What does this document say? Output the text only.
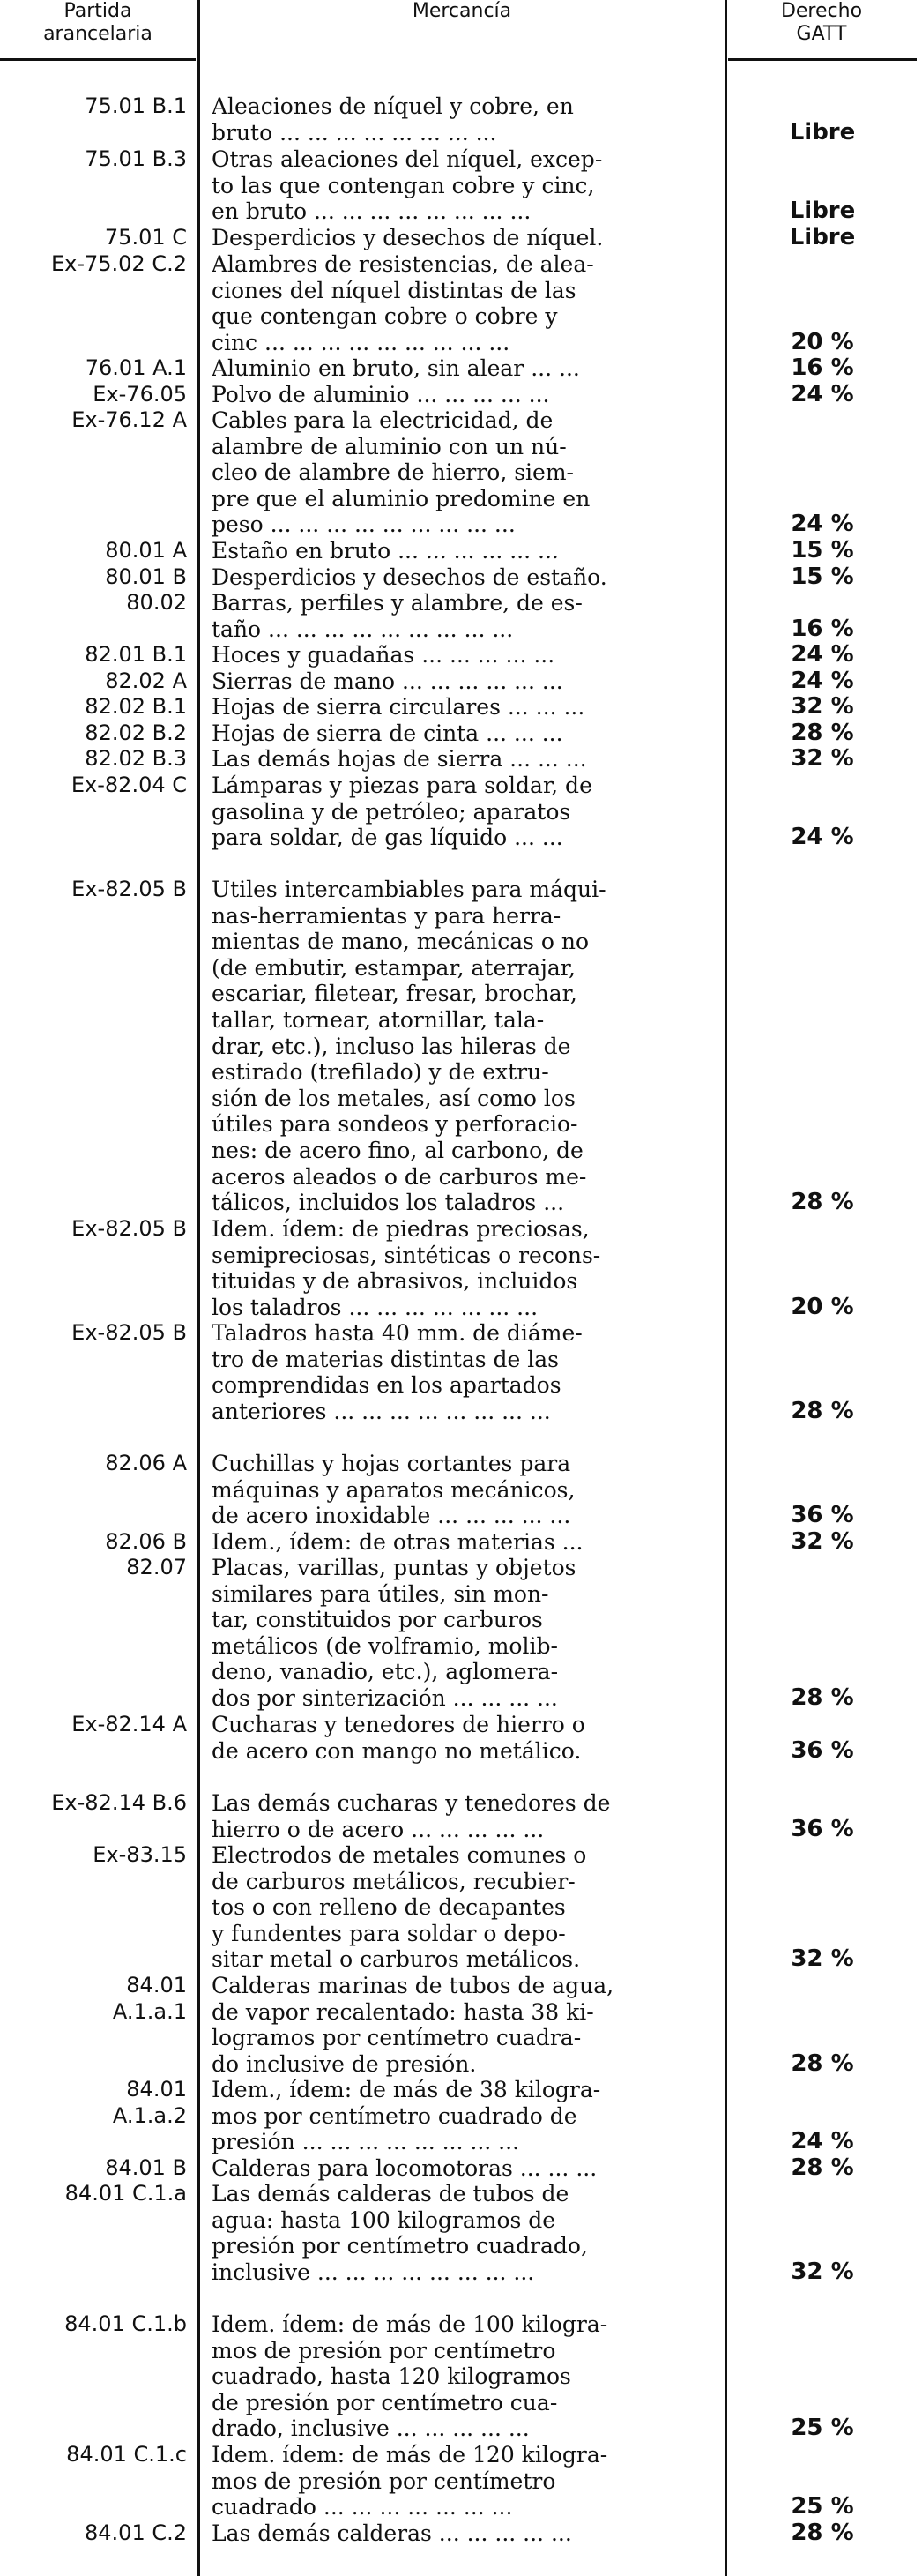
Partida
arancelaria
Mercancía	Derecho
GATT
75.01 B.1 Aleaciones de níquel y cobre, en
bruto ... ... ... ... ... ... ... ...	Libre
75.01 B.3 Otras aleaciones del níquel, excep-
to las que contengan cobre y cinc,
en bruto ... ... ... ... ... ... ... ...	Libre
75.01 C Desperdicios y desechos de níquel.	Libre
Ex-75.02 C.2 Alambres de resistencias, de alea-
ciones del níquel distintas de las
que contengan cobre o cobre y
cinc ... ... ... ... ... ... ... ... ...	20 %
76.01 A.1 Aluminio en bruto, sin alear ... ...	16 %
Ex-76.05 Polvo de aluminio ... ... ... ... ...	24 %
Ex-76.12 A Cables para la electricidad, de
alambre de aluminio con un nú-
cleo de alambre de hierro, siem-
pre que el aluminio predomine en
peso ... ... ... ... ... ... ... ... ...	24 %
80.01 A Estaño en bruto ... ... ... ... ... ...	15 %
80.01 B Desperdicios y desechos de estaño.	15 %
80.02 Barras, perfiles y alambre, de es-
taño ... ... ... ... ... ... ... ... ...	16 %
82.01 B.1 Hoces y guadañas ... ... ... ... ...	24 %
82.02 A Sierras de mano ... ... ... ... ... ...	24 %
82.02 B.1 Hojas de sierra circulares ... ... ...	32 %
82.02 B.2 Hojas de sierra de cinta ... ... ...	28 %
82.02 B.3 Las demás hojas de sierra ... ... ...	32 %
Ex-82.04 C Lámparas y piezas para soldar, de
gasolina y de petróleo; aparatos
para soldar, de gas líquido ... ...	24 %
Ex-82.05 B Utiles intercambiables para máqui-
nas-herramientas y para herra-
mientas de mano, mecánicas o no
(de embutir, estampar, aterrajar,
escariar, filetear, fresar, brochar,
tallar, tornear, atornillar, tala-
drar, etc.), incluso las hileras de
estirado (trefilado) y de extru-
sión de los metales, así como los
útiles para sondeos y perforacio-
nes: de acero fino, al carbono, de
aceros aleados o de carburos me-
tálicos, incluidos los taladros ...	28 %
Ex-82.05 B Idem. ídem: de piedras preciosas,
semipreciosas, sintéticas o recons-
tituidas y de abrasivos, incluidos
los taladros ... ... ... ... ... ... ...	20 %
Ex-82.05 B Taladros hasta 40 mm. de diáme-
tro de materias distintas de las
comprendidas en los apartados
anteriores ... ... ... ... ... ... ... ...	28 %
82.06 A Cuchillas y hojas cortantes para
máquinas y aparatos mecánicos,
de acero inoxidable ... ... ... ... ...	36 %
82.06 B Idem., ídem: de otras materias ...	32 %
82.07 Placas, varillas, puntas y objetos
similares para útiles, sin mon-
tar, constituidos por carburos
metálicos (de volframio, molib-
deno, vanadio, etc.), aglomera-
dos por sinterización ... ... ... ...	28 %
Ex-82.14 A Cucharas y tenedores de hierro o
de acero con mango no metálico.	36 %
Ex-82.14 B.6 Las demás cucharas y tenedores de
hierro o de acero ... ... ... ... ...	36 %
Ex-83.15 Electrodos de metales comunes o
de carburos metálicos, recubier-
tos o con relleno de decapantes
y fundentes para soldar o depo-
sitar metal o carburos metálicos.	32 %
84.01
A.1.a.1
Calderas marinas de tubos de agua,
de vapor recalentado: hasta 38 ki-
logramos por centímetro cuadra-
do inclusive de presión.	28 %
84.01
A.1.a.2
Idem., ídem: de más de 38 kilogra-
mos por centímetro cuadrado de
presión ... ... ... ... ... ... ... ...	24 %
84.01 B Calderas para locomotoras ... ... ...	28 %
84.01 C.1.a Las demás calderas de tubos de
agua: hasta 100 kilogramos de
presión por centímetro cuadrado,
inclusive ... ... ... ... ... ... ... ...	32 %
84.01 C.1.b Idem. ídem: de más de 100 kilogra-
mos de presión por centímetro
cuadrado, hasta 120 kilogramos
de presión por centímetro cua-
drado, inclusive ... ... ... ... ...	25 %
84.01 C.1.c Idem. ídem: de más de 120 kilogra-
mos de presión por centímetro
cuadrado ... ... ... ... ... ... ...	25 %
84.01 C.2 Las demás calderas ... ... ... ... ...	28 %
